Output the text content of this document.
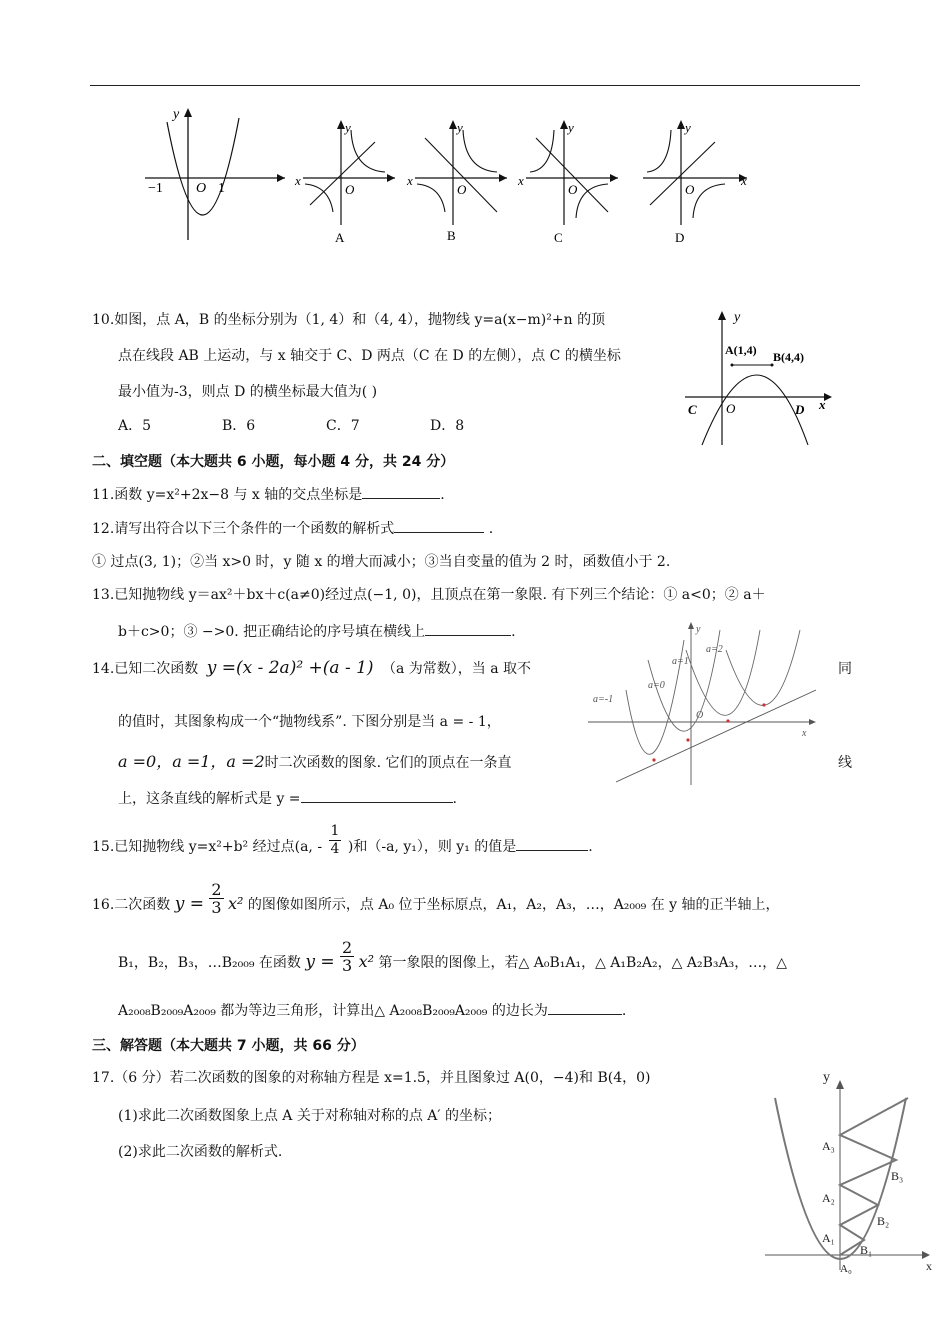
y
O
−1	1
x
y
O
A
x
y
O
B
x
y
O
C
y
O
x
D
10.如图，点 A，B 的坐标分别为（1, 4）和（4, 4），抛物线 y=a(x−m)²+n 的顶
点在线段 AB 上运动，与 x 轴交于 C、D 两点（C 在 D 的左侧），点 C 的横坐标
最小值为-3，则点 D 的横坐标最大值为( )
A．5	B．6	C．7	D．8
y
x
A(1,4) B(4,4)
C O	D
二、填空题（本大题共 6 小题，每小题 4 分，共 24 分）
11.函数 y=x²+2x−8 与 x 轴的交点坐标是	.
12.请写出符合以下三个条件的一个函数的解析式	.
① 过点(3, 1)；②当 x>0 时，y 随 x 的增大而减小；③当自变量的值为 2 时，函数值小于 2.
13.已知抛物线 y＝ax²＋bx＋c(a≠0)经过点(−1, 0)，且顶点在第一象限. 有下列三个结论：① a<0；② a＋
b＋c>0；③ −>0. 把正确结论的序号填在横线上	.
14.已知二次函数 y =(x - 2a)² +(a - 1) （a 为常数），当 a 取不	同
的值时，其图象构成一个“抛物线系”. 下图分别是当 a = - 1，
a =0，a =1，a =2时二次函数的图象. 它们的顶点在一条直	线
上，这条直线的解析式是 y =	.
y
x
O
a=-1
a=0
a=1
a=2
15.已知抛物线 y=x²+b² 经过点(a, - $\frac{1}{4}$ )和（-a, y₁），则 y₁ 的值是	.
16.二次函数 $y = \frac{2}{3} x^2$ 的图像如图所示，点 A₀ 位于坐标原点，A₁，A₂，A₃，…，A₂₀₀₉ 在 y 轴的正半轴上，
B₁，B₂，B₃，…B₂₀₀₉ 在函数 $y = \frac{2}{3} x^2$ 第一象限的图像上，若△ A₀B₁A₁，△ A₁B₂A₂，△ A₂B₃A₃，…，△
A₂₀₀₈B₂₀₀₉A₂₀₀₉ 都为等边三角形，计算出△ A₂₀₀₈B₂₀₀₉A₂₀₀₉ 的边长为	.
三、解答题（本大题共 7 小题，共 66 分）
17.（6 分）若二次函数的图象的对称轴方程是 x=1.5，并且图象过 A(0，−4)和 B(4，0)
(1)求此二次函数图象上点 A 关于对称轴对称的点 A′ 的坐标；
(2)求此二次函数的解析式.
y
x
A₀
A₁
A₂
A₃
B₁
B₂
B₃
